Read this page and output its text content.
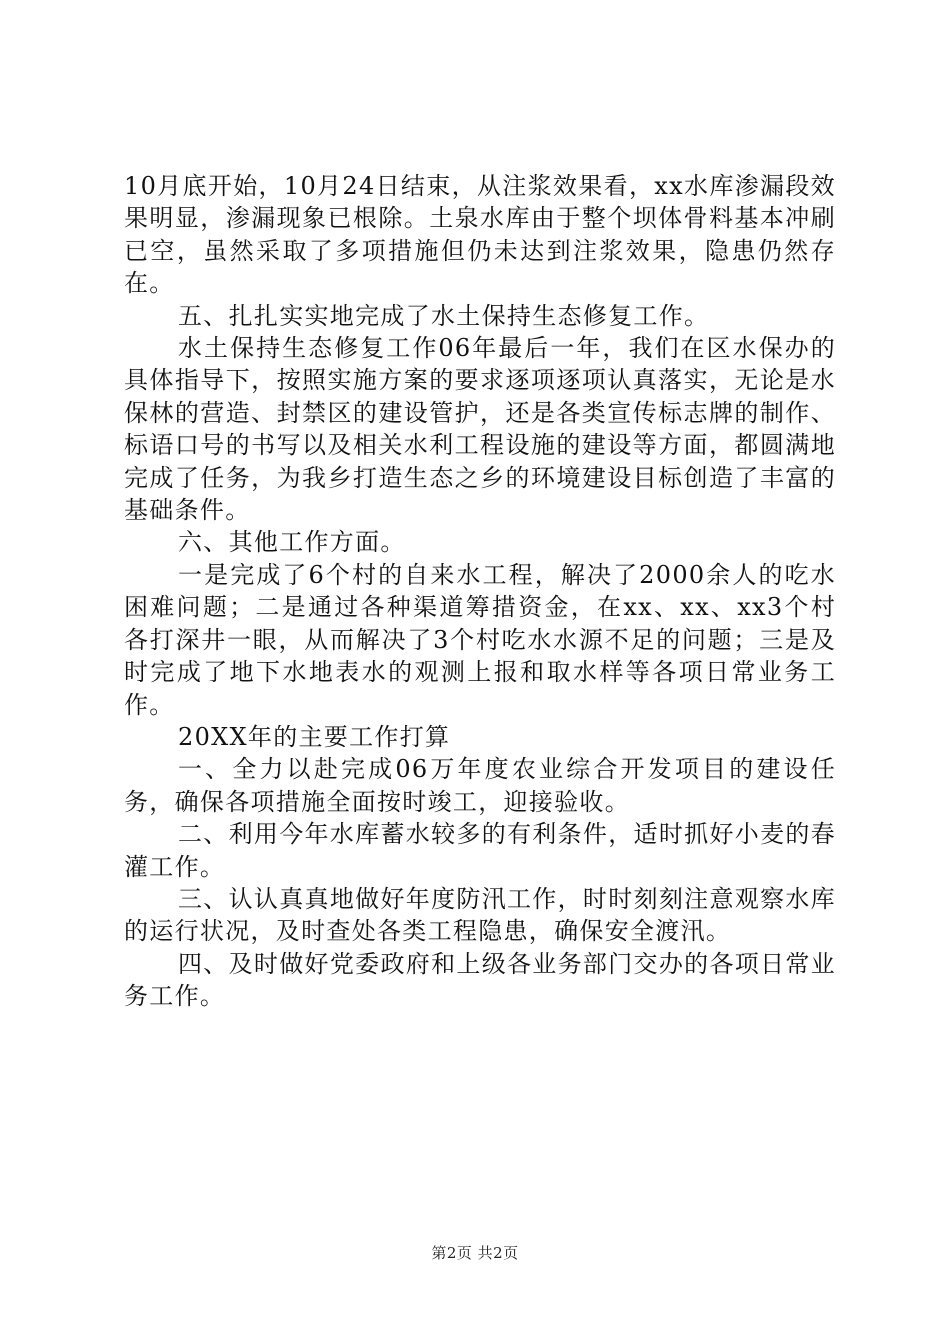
10月底开始，10月24日结束，从注浆效果看，xx水库渗漏段效果明显，渗漏现象已根除。土泉水库由于整个坝体骨料基本冲刷已空，虽然采取了多项措施但仍未达到注浆效果，隐患仍然存在。

五、扎扎实实地完成了水土保持生态修复工作。

水土保持生态修复工作06年最后一年，我们在区水保办的具体指导下，按照实施方案的要求逐项逐项认真落实，无论是水保林的营造、封禁区的建设管护，还是各类宣传标志牌的制作、标语口号的书写以及相关水利工程设施的建设等方面，都圆满地完成了任务，为我乡打造生态之乡的环境建设目标创造了丰富的基础条件。

六、其他工作方面。

一是完成了6个村的自来水工程，解决了2000余人的吃水困难问题；二是通过各种渠道筹措资金，在xx、xx、xx3个村各打深井一眼，从而解决了3个村吃水水源不足的问题；三是及时完成了地下水地表水的观测上报和取水样等各项日常业务工作。

20XX年的主要工作打算

一、全力以赴完成06万年度农业综合开发项目的建设任务，确保各项措施全面按时竣工，迎接验收。

二、利用今年水库蓄水较多的有利条件，适时抓好小麦的春灌工作。

三、认认真真地做好年度防汛工作，时时刻刻注意观察水库的运行状况，及时查处各类工程隐患，确保安全渡汛。

四、及时做好党委政府和上级各业务部门交办的各项日常业务工作。

第2页 共2页
